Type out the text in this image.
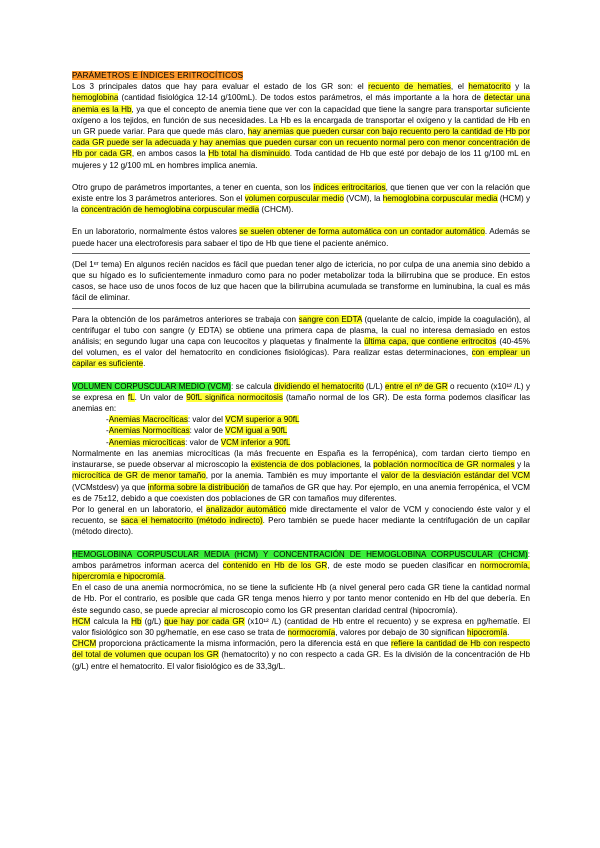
PARÁMETROS E ÍNDICES ERITROCÍTICOS

Los 3 principales datos que hay para evaluar el estado de los GR son: el recuento de hematíes, el hematocrito y la hemoglobina (cantidad fisiológica 12-14 g/100mL). De todos estos parámetros, el más importante a la hora de detectar una anemia es la Hb, ya que el concepto de anemia tiene que ver con la capacidad que tiene la sangre para transportar suficiente oxígeno a los tejidos, en función de sus necesidades. La Hb es la encargada de transportar el oxígeno y la cantidad de Hb en un GR puede variar. Para que quede más claro, hay anemias que pueden cursar con bajo recuento pero la cantidad de Hb por cada GR puede ser la adecuada y hay anemias que pueden cursar con un recuento normal pero con menor concentración de Hb por cada GR, en ambos casos la Hb total ha disminuido. Toda cantidad de Hb que esté por debajo de los 11 g/100 mL en mujeres y 12 g/100 mL en hombres implica anemia.

Otro grupo de parámetros importantes, a tener en cuenta, son los índices eritrocitarios, que tienen que ver con la relación que existe entre los 3 parámetros anteriores. Son el volumen corpuscular medio (VCM), la hemoglobina corpuscular media (HCM) y la concentración de hemoglobina corpuscular media (CHCM).

En un laboratorio, normalmente éstos valores se suelen obtener de forma automática con un contador automático. Además se puede hacer una electroforesis para sabaer el tipo de Hb que tiene el paciente anémico.

(Del 1ᵉʳ tema) En algunos recién nacidos es fácil que puedan tener algo de ictericia, no por culpa de una anemia sino debido a que su hígado es lo suficientemente inmaduro como para no poder metabolizar toda la bilirrubina que se produce. En estos casos, se hace uso de unos focos de luz que hacen que la bilirrubina acumulada se transforme en luminubina, la cual es más fácil de eliminar.

Para la obtención de los parámetros anteriores se trabaja con sangre con EDTA (quelante de calcio, impide la coagulación), al centrifugar el tubo con sangre (y EDTA) se obtiene una primera capa de plasma, la cual no interesa demasiado en estos análisis; en segundo lugar una capa con leucocitos y plaquetas y finalmente la última capa, que contiene eritrocitos (40-45% del volumen, es el valor del hematocrito en condiciones fisiológicas). Para realizar estas determinaciones, con emplear un capilar es suficiente.

VOLUMEN CORPUSCULAR MEDIO (VCM): se calcula dividiendo el hematocrito (L/L) entre el nº de GR o recuento (x10¹² /L) y se expresa en fL. Un valor de 90fL significa normocitosis (tamaño normal de los GR). De esta forma podemos clasificar las anemias en:

-Anemias Macrocíticas: valor del VCM superior a 90fL
-Anemias Normocíticas: valor de VCM igual a 90fL
-Anemias microcíticas: valor de VCM inferior a 90fL

Normalmente en las anemias microcíticas (la más frecuente en España es la ferropénica), com tardan cierto tiempo en instaurarse, se puede observar al microscopio la existencia de dos poblaciones, la población normocítica de GR normales y la microcítica de GR de menor tamaño, por la anemia. También es muy importante el valor de la desviación estándar del VCM (VCMstdesv) ya que informa sobre la distribución de tamaños de GR que hay. Por ejemplo, en una anemia ferropénica, el VCM es de 75±12, debido a que coexisten dos poblaciones de GR con tamaños muy diferentes.

Por lo general en un laboratorio, el analizador automático mide directamente el valor de VCM y conociendo éste valor y el recuento, se saca el hematocrito (método indirecto). Pero también se puede hacer mediante la centrifugación de un capilar (método directo).

HEMOGLOBINA CORPUSCULAR MEDIA (HCM) Y CONCENTRACIÓN DE HEMOGLOBINA CORPUSCULAR (CHCM): ambos parámetros informan acerca del contenido en Hb de los GR, de este modo se pueden clasificar en normocromía, hipercromía e hipocromía.

En el caso de una anemia normocrómica, no se tiene la suficiente Hb (a nivel general pero cada GR tiene la cantidad normal de Hb. Por el contrario, es posible que cada GR tenga menos hierro y por tanto menor contenido en Hb del que debería. En éste segundo caso, se puede apreciar al microscopio como los GR presentan claridad central (hipocromía).

HCM calcula la Hb (g/L) que hay por cada GR (x10¹² /L) (cantidad de Hb entre el recuento) y se expresa en pg/hematíe. El valor fisiológico son 30 pg/hematíe, en ese caso se trata de normocromía, valores por debajo de 30 significan hipocromía.

CHCM proporciona prácticamente la misma información, pero la diferencia está en que refiere la cantidad de Hb con respecto del total de volumen que ocupan los GR (hematocrito) y no con respecto a cada GR. Es la división de la concentración de Hb (g/L) entre el hematocrito. El valor fisiológico es de 33,3g/L.
